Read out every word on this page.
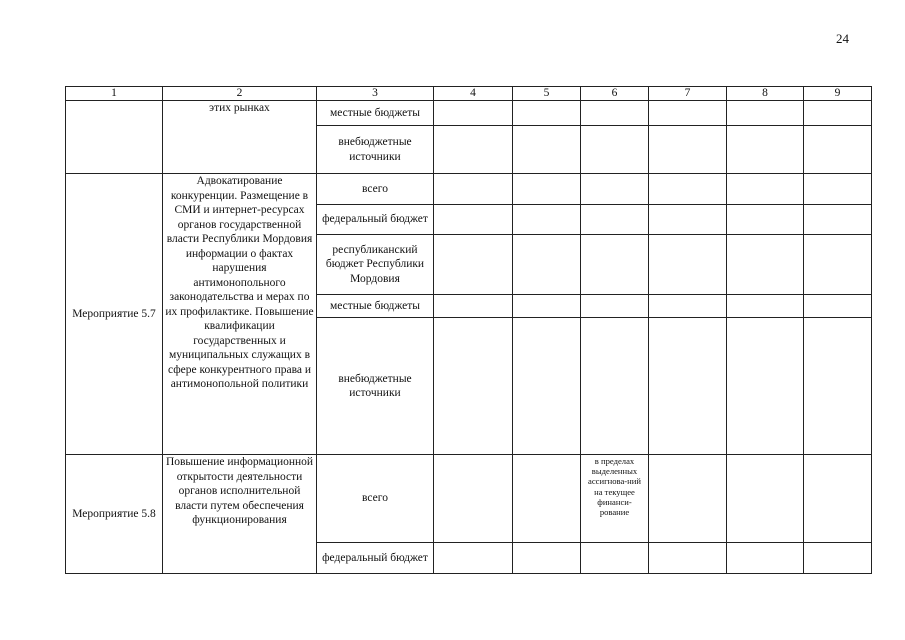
24
1	2	3	4	5	6	7	8	9
	этих рынках	местные бюджеты						
		внебюджетные источники						
Мероприятие 5.7	Адвокатирование конкуренции. Размещение в СМИ и интернет-ресурсах органов государственной власти Республики Мордовия информации о фактах нарушения антимонопольного законодательства и мерах по их профилактике. Повышение квалификации государственных и муниципальных служащих в сфере конкурентного права и антимонопольной политики	всего						
		федеральный бюджет						
		республиканский бюджет Республики Мордовия						
		местные бюджеты						
		внебюджетные источники						
Мероприятие 5.8	Повышение информационной открытости деятельности органов исполнительной власти путем обеспечения функционирования	всего			в пределах выделенных ассигнова-ний на текущее финанси-рование			
		федеральный бюджет						
